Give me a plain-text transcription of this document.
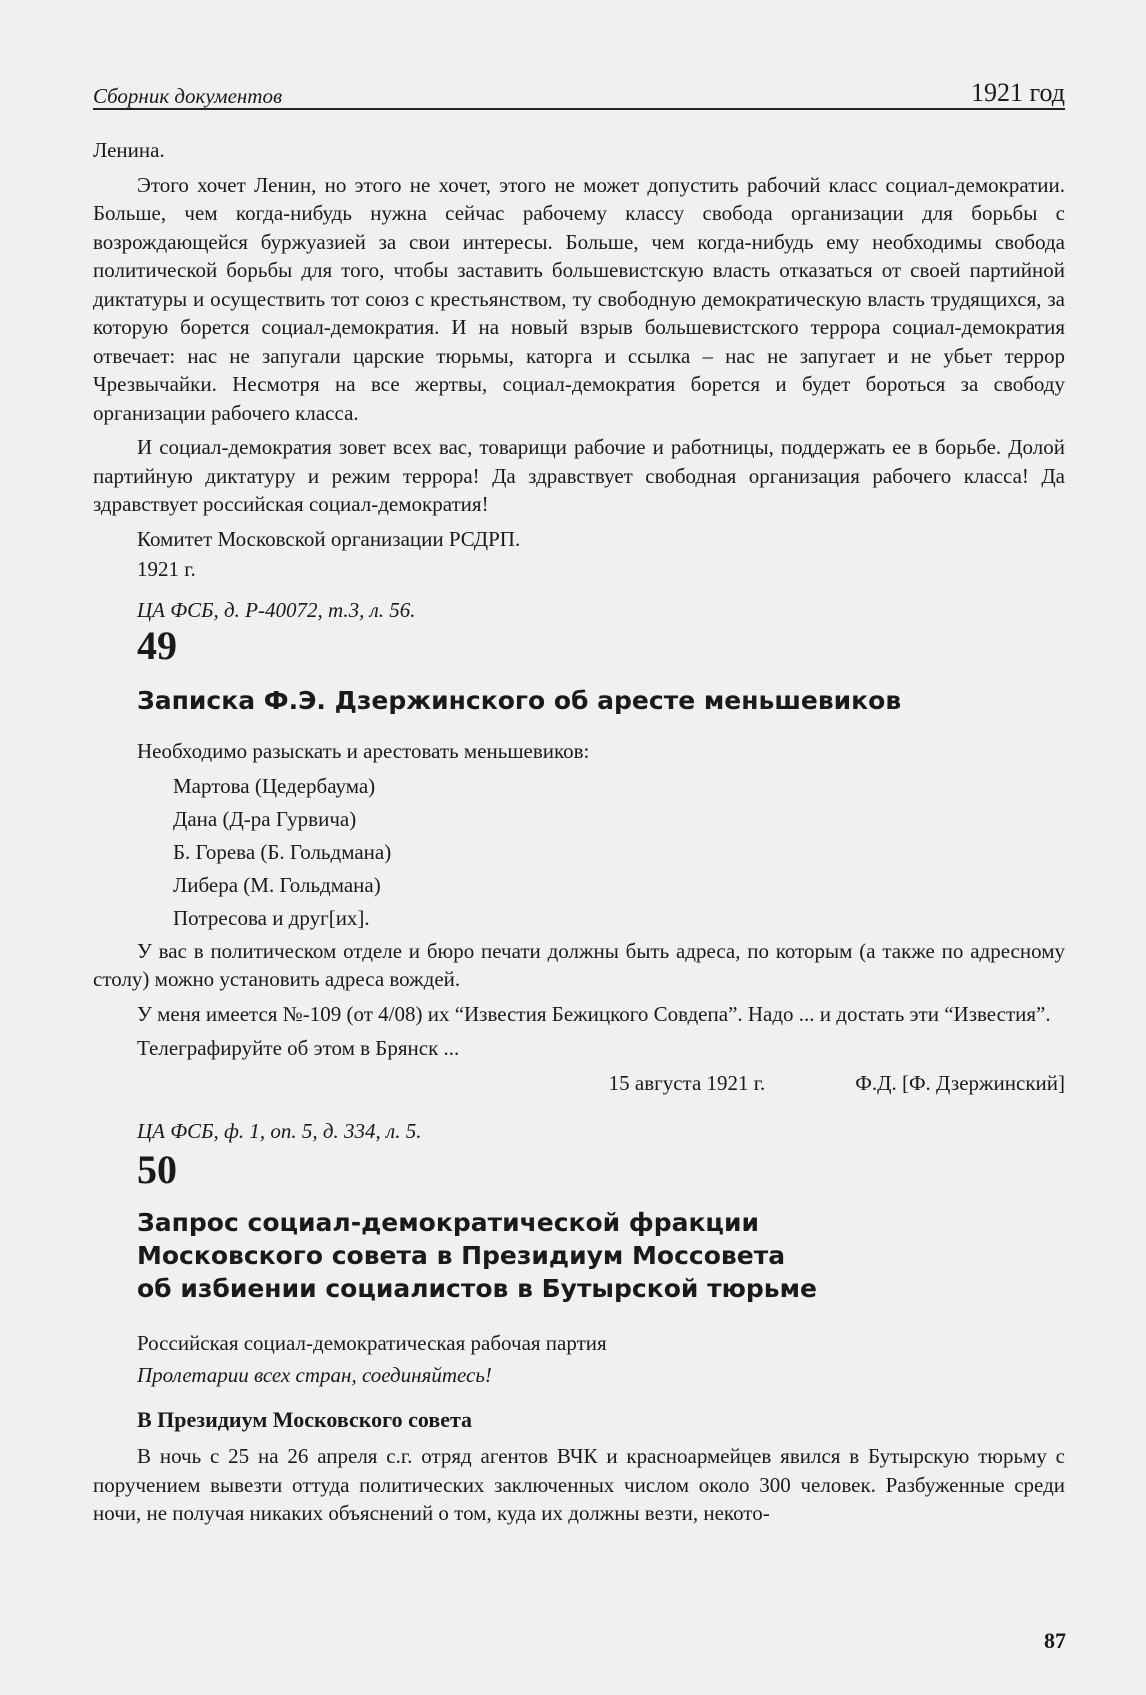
Сборник документов	1921 год

Ленина.

Этого хочет Ленин, но этого не хочет, этого не может допустить рабочий класс социал-демократии. Больше, чем когда-нибудь нужна сейчас рабочему классу свобода организации для борьбы с возрождающейся буржуазией за свои интересы. Больше, чем когда-нибудь ему необходимы свобода политической борьбы для того, чтобы заставить большевистскую власть отказаться от своей партийной диктатуры и осуществить тот союз с крестьянством, ту свободную демократическую власть трудящихся, за которую борется социал-демократия. И на новый взрыв большевистского террора социал-демократия отвечает: нас не запугали царские тюрьмы, каторга и ссылка – нас не запугает и не убьет террор Чрезвычайки. Несмотря на все жертвы, социал-демократия борется и будет бороться за свободу организации рабочего класса.

И социал-демократия зовет всех вас, товарищи рабочие и работницы, поддержать ее в борьбе. Долой партийную диктатуру и режим террора! Да здравствует свободная организация рабочего класса! Да здравствует российская социал-демократия!

Комитет Московской организации РСДРП.

1921 г.

ЦА ФСБ, д. Р-40072, т.3, л. 56.

49

Записка Ф.Э. Дзержинского об аресте меньшевиков

Необходимо разыскать и арестовать меньшевиков:

Мартова (Цедербаума)
Дана (Д-ра Гурвича)
Б. Горева (Б. Гольдмана)
Либера (М. Гольдмана)
Потресова и друг[их].

У вас в политическом отделе и бюро печати должны быть адреса, по которым (а также по адресному столу) можно установить адреса вождей.

У меня имеется №-109 (от 4/08) их “Известия Бежицкого Совдепа”. Надо ... и достать эти “Известия”.

Телеграфируйте об этом в Брянск ...

15 августа 1921 г.	Ф.Д. [Ф. Дзержинский]

ЦА ФСБ, ф. 1, оп. 5, д. 334, л. 5.

50

Запрос социал-демократической фракции

Московского совета в Президиум Моссовета

об избиении социалистов в Бутырской тюрьме

Российская социал-демократическая рабочая партия

Пролетарии всех стран, соединяйтесь!

В Президиум Московского совета

В ночь с 25 на 26 апреля с.г. отряд агентов ВЧК и красноармейцев явился в Бутырскую тюрьму с поручением вывезти оттуда политических заключенных числом около 300 человек. Разбуженные среди ночи, не получая никаких объяснений о том, куда их должны везти, некото-

87
